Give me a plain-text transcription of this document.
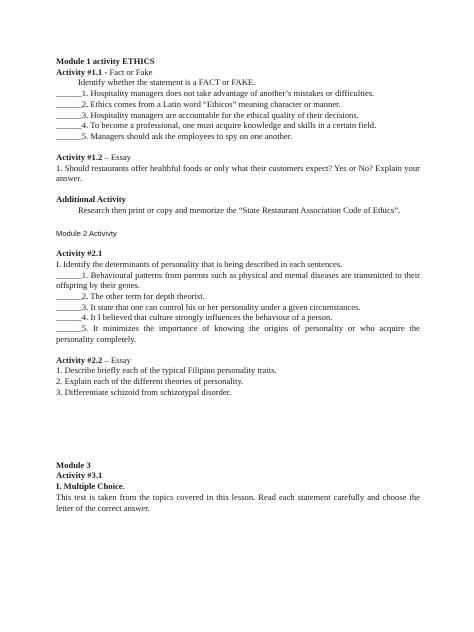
Module 1 activity ETHICS
Activity #1.1 - Fact or Fake
Identify whether the statement is a FACT or FAKE.
______1. Hospitality managers does not take advantage of another’s mistakes or difficulties.
______2. Ethics comes from a Latin word “Ethicos” meaning character or manner.
______3. Hospitality managers are accountable for the ethical quality of their decisions.
______4. To become a professional, one must acquire knowledge and skills in a certain field.
______5. Managers should ask the employees to spy on one another.
Activity #1.2 – Essay
1. Should restaurants offer healthful foods or only what their customers expect? Yes or No? Explain your answer.
Additional Activity
Research then print or copy and memorize the “State Restaurant Association Code of Ethics”.
Module 2 Activivty
Activity #2.1
I. Identify the determinants of personality that is being described in each sentences.
______1. Behavioural patterns from parents such as physical and mental diseases are transmitted to their offspring by their genes.
______2. The other term for depth theorist.
______3. It state that one can control his or her personality under a given circumstances.
______4. It I believed that culture strongly influences the behaviour of a person.
______5. It minimizes the importance of knowing the origins of personality or who acquire the personality completely.
Activity #2.2 – Essay
1. Describe briefly each of the typical Filipino personality traits.
2. Explain each of the different theories of personality.
3. Differentiate schizoid from schizotypal disorder.
Module 3
Activity #3.1
I. Multiple Choice.
This test is taken from the topics covered in this lesson. Read each statement carefully and choose the letter of the correct answer.
